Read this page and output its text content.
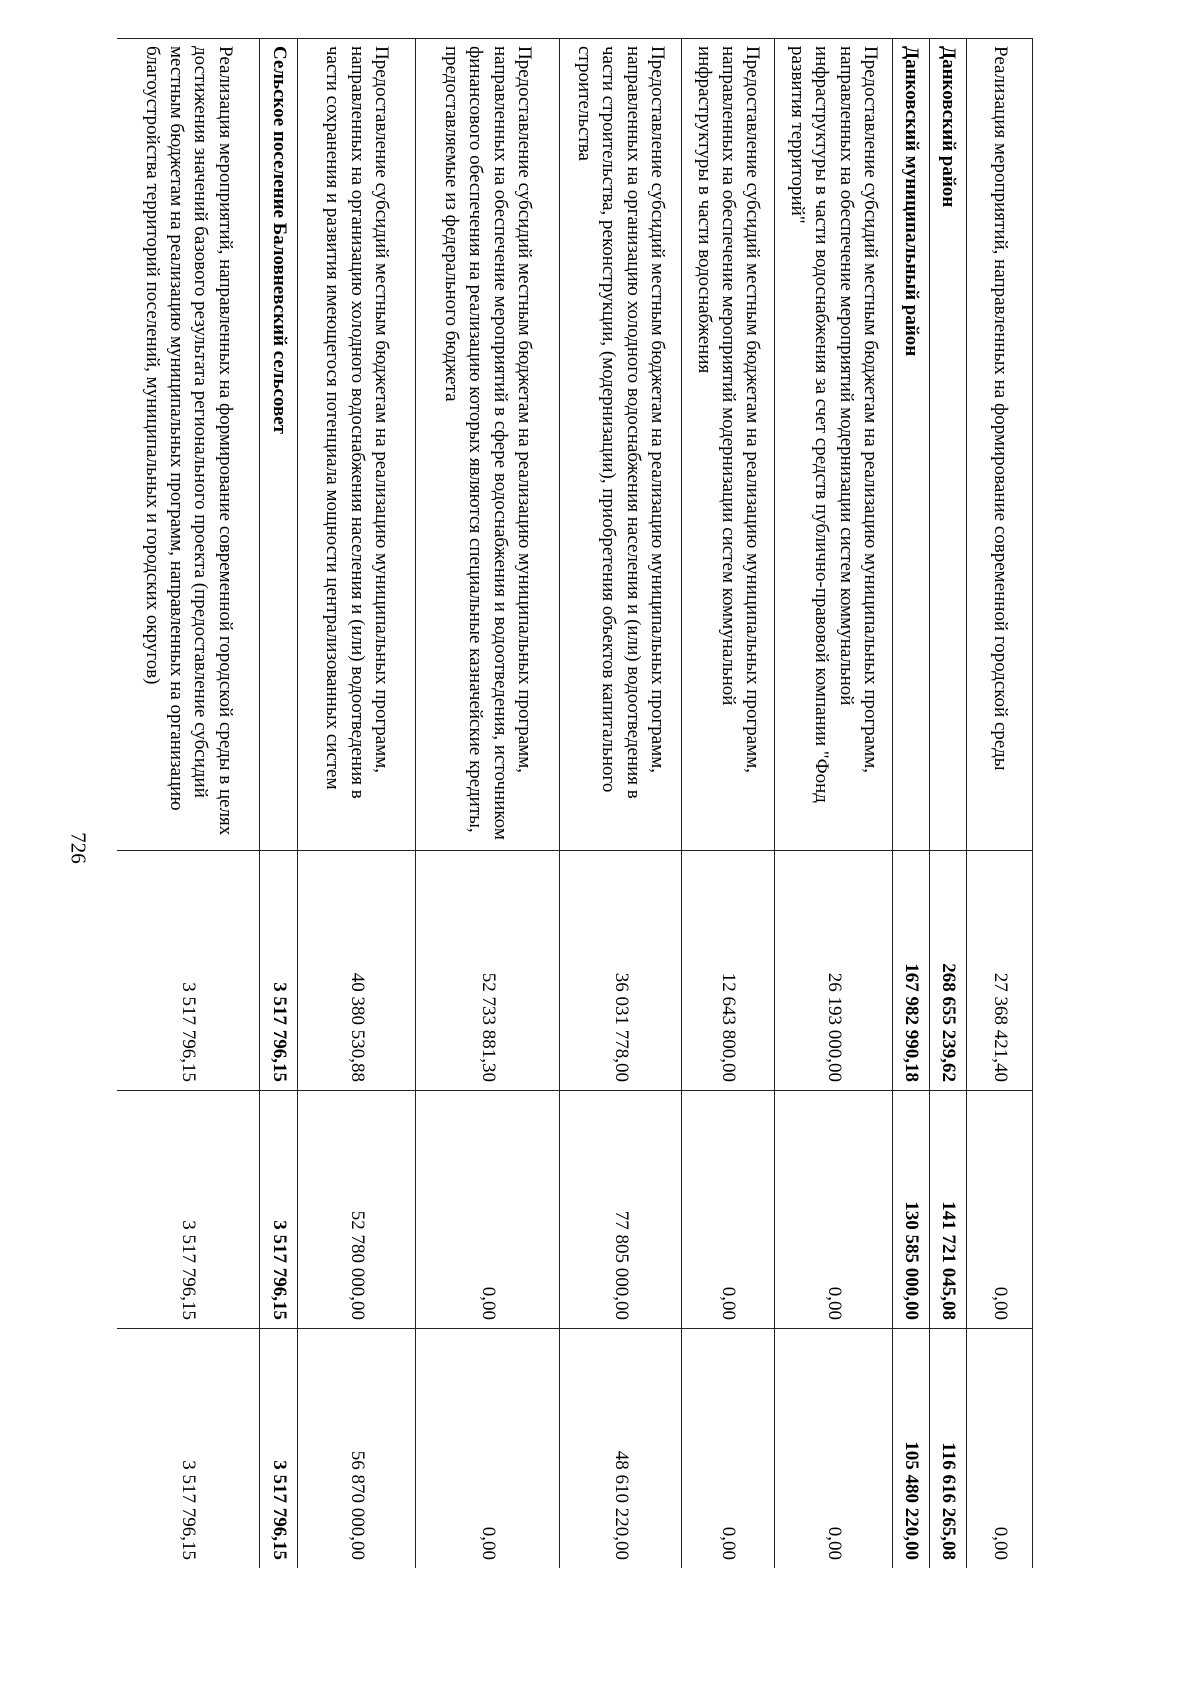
726
Реализация мероприятий, направленных на формирование современной городской среды	27 368 421,40	0,00	0,00
Данковский район	268 655 239,62	141 721 045,08	116 616 265,08
Данковский муниципальный район	167 982 990,18	130 585 000,00	105 480 220,00
Предоставление субсидий местным бюджетам на реализацию муниципальных программ, направленных на обеспечение мероприятий модернизации систем коммунальной инфраструктуры в части водоснабжения за счет средств публично-правовой компании "Фонд развития территорий"	26 193 000,00	0,00	0,00
Предоставление субсидий местным бюджетам на реализацию муниципальных программ, направленных на обеспечение мероприятий модернизации систем коммунальной инфраструктуры в части водоснабжения	12 643 800,00	0,00	0,00
Предоставление субсидий местным бюджетам на реализацию муниципальных программ, направленных на организацию холодного водоснабжения населения и (или) водоотведения в части строительства, реконструкции, (модернизации), приобретения объектов капитального строительства	36 031 778,00	77 805 000,00	48 610 220,00
Предоставление субсидий местным бюджетам на реализацию муниципальных программ, направленных на обеспечение мероприятий в сфере водоснабжения и водоотведения, источником финансового обеспечения на реализацию которых являются специальные казначейские кредиты, предоставляемые из федерального бюджета	52 733 881,30	0,00	0,00
Предоставление субсидий местным бюджетам на реализацию муниципальных программ, направленных на организацию холодного водоснабжения населения и (или) водоотведения в части сохранения и развития имеющегося потенциала мощности централизованных систем	40 380 530,88	52 780 000,00	56 870 000,00
Сельское поселение Баловневский сельсовет	3 517 796,15	3 517 796,15	3 517 796,15
Реализация мероприятий, направленных на формирование современной городской среды в целях достижения значений базового результата регионального проекта (предоставление субсидий местным бюджетам на реализацию муниципальных программ, направленных на организацию благоустройства территорий поселений, муниципальных и городских округов)	3 517 796,15	3 517 796,15	3 517 796,15
